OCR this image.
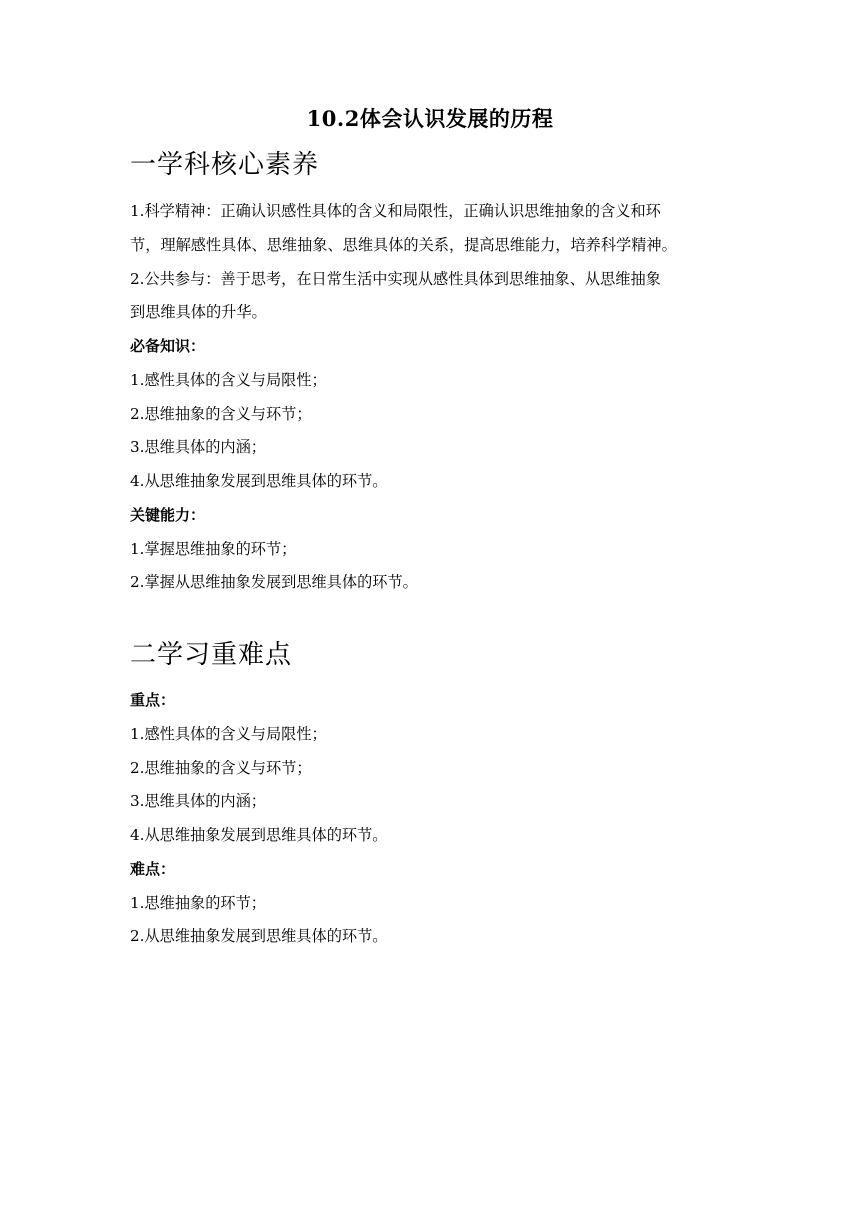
10.2体会认识发展的历程
一学科核心素养
1.科学精神：正确认识感性具体的含义和局限性，正确认识思维抽象的含义和环
节，理解感性具体、思维抽象、思维具体的关系，提高思维能力，培养科学精神。
2.公共参与：善于思考，在日常生活中实现从感性具体到思维抽象、从思维抽象
到思维具体的升华。
必备知识：
1.感性具体的含义与局限性；
2.思维抽象的含义与环节；
3.思维具体的内涵；
4.从思维抽象发展到思维具体的环节。
关键能力：
1.掌握思维抽象的环节；
2.掌握从思维抽象发展到思维具体的环节。
二学习重难点
重点：
1.感性具体的含义与局限性；
2.思维抽象的含义与环节；
3.思维具体的内涵；
4.从思维抽象发展到思维具体的环节。
难点：
1.思维抽象的环节；
2.从思维抽象发展到思维具体的环节。
